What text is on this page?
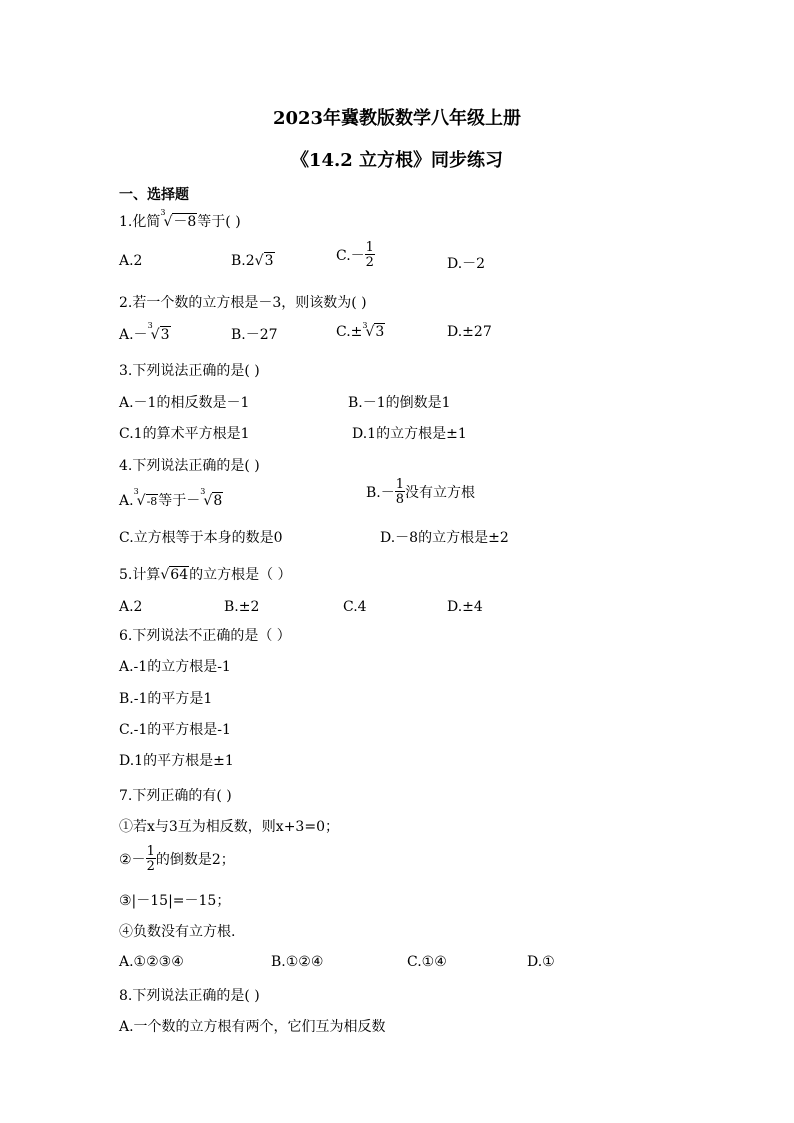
2023年冀教版数学八年级上册
《14.2 立方根》同步练习
一、选择题
1.化简$^3$√－8等于( )
A.2	B.2√3	$C.- \frac{1}{2}$	D.－2
2.若一个数的立方根是－3，则该数为( )
A.－$^3$√3	B.－27	C.±$^3$√3	D.±27
3.下列说法正确的是( )
A.－1的相反数是－1	B.－1的倒数是1
C.1的算术平方根是1	D.1的立方根是±1
4.下列说法正确的是( )
A.$^3$√-8等于－$^3$√8	$B.- \frac{1}{8}$ 没有立方根
C.立方根等于本身的数是0	D.－8的立方根是±2
5.计算√64的立方根是（ ）
A.2	B.±2	C.4	D.±4
6.下列说法不正确的是（ ）
A.-1的立方根是-1
B.-1的平方是1
C.-1的平方根是-1
D.1的平方根是±1
7.下列正确的有( )
①若x与3互为相反数，则x+3=0；
②－ $\frac{1}{2}$ 的倒数是2；
③|－15|=－15；
④负数没有立方根.
A.①②③④	B.①②④	C.①④	D.①
8.下列说法正确的是( )
A.一个数的立方根有两个，它们互为相反数
